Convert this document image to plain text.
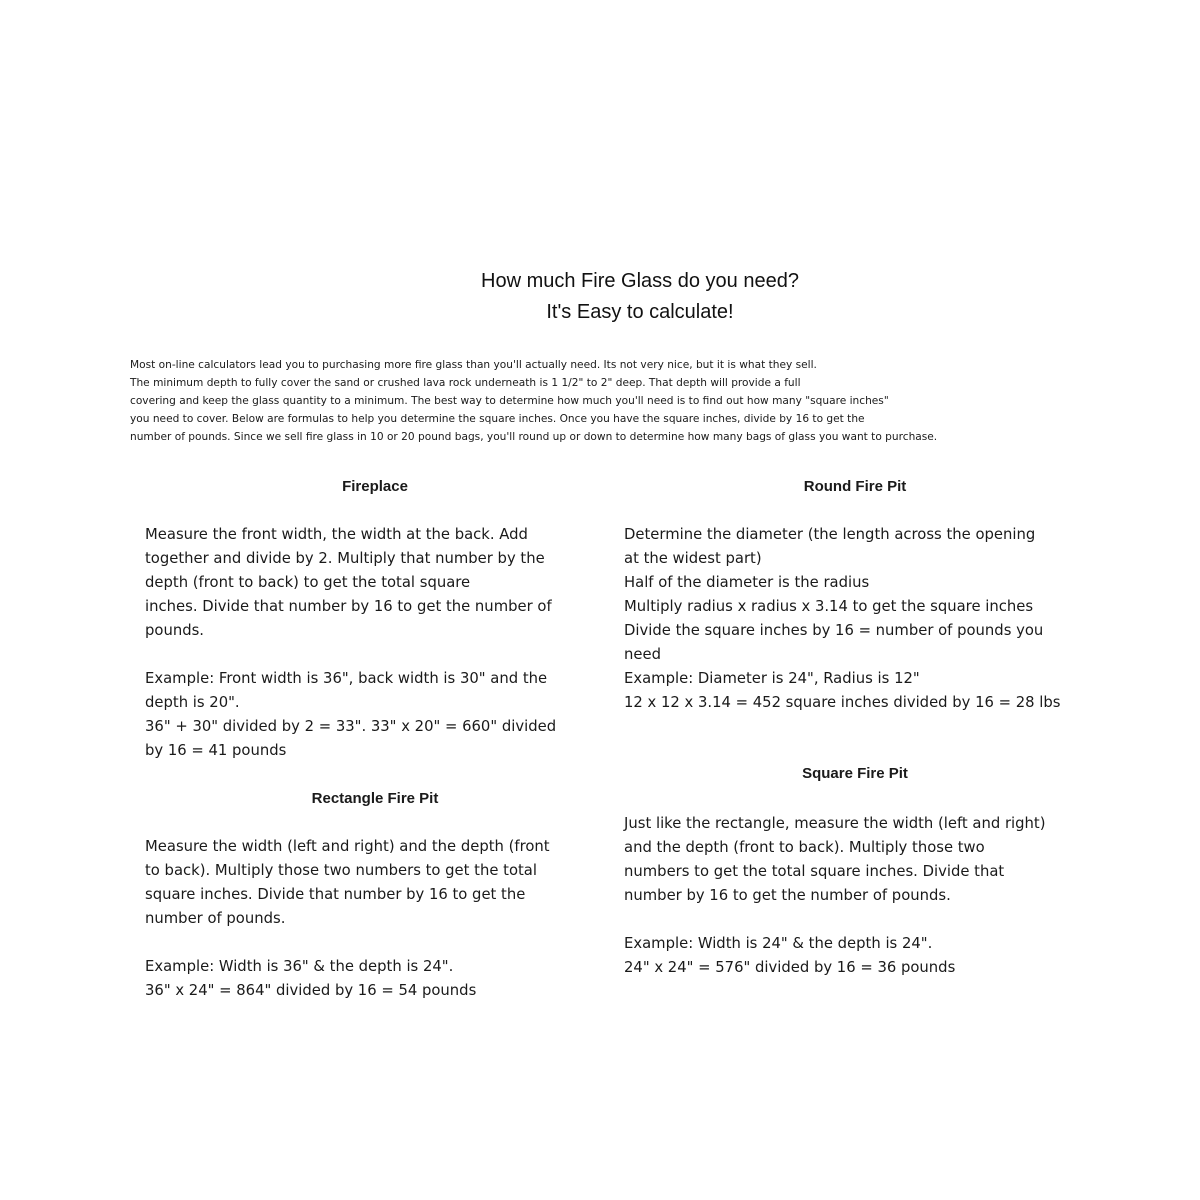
How much Fire Glass do you need?
It's Easy to calculate!
Most on-line calculators lead you to purchasing more fire glass than you'll actually need. Its not very nice, but it is what they sell.
The minimum depth to fully cover the sand or crushed lava rock underneath is 1 1/2" to 2" deep. That depth will provide a full
covering and keep the glass quantity to a minimum. The best way to determine how much you'll need is to find out how many "square inches"
you need to cover. Below are formulas to help you determine the square inches. Once you have the square inches, divide by 16 to get the
number of pounds. Since we sell fire glass in 10 or 20 pound bags, you'll round up or down to determine how many bags of glass you want to purchase.
Fireplace
Measure the front width, the width at the back. Add
together and divide by 2. Multiply that number by the
depth (front to back) to get the total square
inches. Divide that number by 16 to get the number of
pounds.
Example: Front width is 36", back width is 30" and the
depth is 20".
36" + 30" divided by 2 = 33". 33" x 20" = 660" divided
by 16 = 41 pounds
Rectangle Fire Pit
Measure the width (left and right) and the depth (front
to back). Multiply those two numbers to get the total
square inches. Divide that number by 16 to get the
number of pounds.
Example: Width is 36" & the depth is 24".
36" x 24" = 864" divided by 16 = 54 pounds
Round Fire Pit
Determine the diameter (the length across the opening
at the widest part)
Half of the diameter is the radius
Multiply radius x radius x 3.14 to get the square inches
Divide the square inches by 16 = number of pounds you
need
Example: Diameter is 24", Radius is 12"
12 x 12 x 3.14 = 452 square inches divided by 16 = 28 lbs
Square Fire Pit
Just like the rectangle, measure the width (left and right)
and the depth (front to back). Multiply those two
numbers to get the total square inches. Divide that
number by 16 to get the number of pounds.
Example: Width is 24" & the depth is 24".
24" x 24" = 576" divided by 16 = 36 pounds
